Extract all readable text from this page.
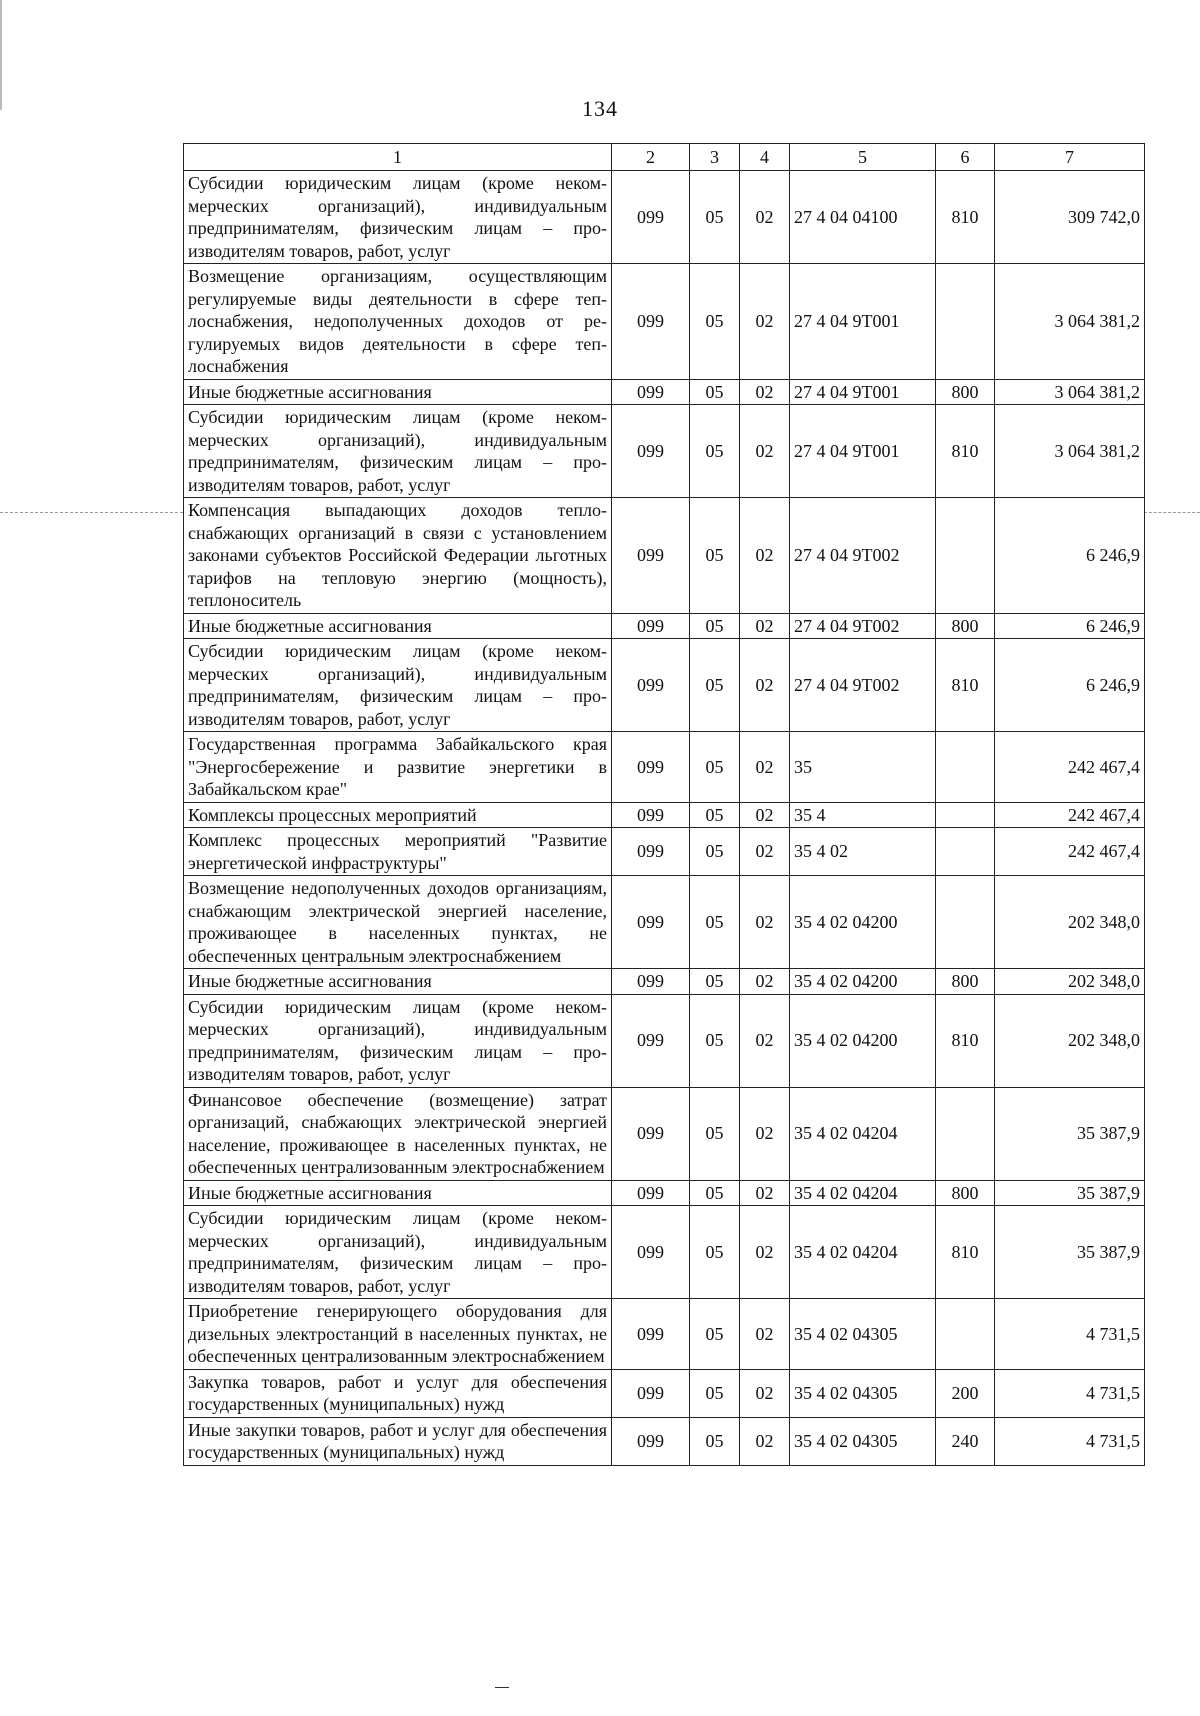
134
1	2	3	4	5	6	7
Субсидии юридическим лицам (кроме некоммерческих организаций), индивидуальным предпринимателям, физическим лицам – производителям товаров, работ, услуг	099	05	02	27 4 04 04100	810	309 742,0
Возмещение организациям, осуществляющим регулируемые виды деятельности в сфере теплоснабжения, недополученных доходов от регулируемых видов деятельности в сфере теплоснабжения	099	05	02	27 4 04 9Т001		3 064 381,2
Иные бюджетные ассигнования	099	05	02	27 4 04 9Т001	800	3 064 381,2
Субсидии юридическим лицам (кроме некоммерческих организаций), индивидуальным предпринимателям, физическим лицам – производителям товаров, работ, услуг	099	05	02	27 4 04 9Т001	810	3 064 381,2
Компенсация выпадающих доходов теплоснабжающих организаций в связи с установлением законами субъектов Российской Федерации льготных тарифов на тепловую энергию (мощность), теплоноситель	099	05	02	27 4 04 9Т002		6 246,9
Иные бюджетные ассигнования	099	05	02	27 4 04 9Т002	800	6 246,9
Субсидии юридическим лицам (кроме некоммерческих организаций), индивидуальным предпринимателям, физическим лицам – производителям товаров, работ, услуг	099	05	02	27 4 04 9Т002	810	6 246,9
Государственная программа Забайкальского края "Энергосбережение и развитие энергетики в Забайкальском крае"	099	05	02	35		242 467,4
Комплексы процессных мероприятий	099	05	02	35 4		242 467,4
Комплекс процессных мероприятий "Развитие энергетической инфраструктуры"	099	05	02	35 4 02		242 467,4
Возмещение недополученных доходов организациям, снабжающим электрической энергией население, проживающее в населенных пунктах, не обеспеченных центральным электроснабжением	099	05	02	35 4 02 04200		202 348,0
Иные бюджетные ассигнования	099	05	02	35 4 02 04200	800	202 348,0
Субсидии юридическим лицам (кроме некоммерческих организаций), индивидуальным предпринимателям, физическим лицам – производителям товаров, работ, услуг	099	05	02	35 4 02 04200	810	202 348,0
Финансовое обеспечение (возмещение) затрат организаций, снабжающих электрической энергией население, проживающее в населенных пунктах, не обеспеченных централизованным электроснабжением	099	05	02	35 4 02 04204		35 387,9
Иные бюджетные ассигнования	099	05	02	35 4 02 04204	800	35 387,9
Субсидии юридическим лицам (кроме некоммерческих организаций), индивидуальным предпринимателям, физическим лицам – производителям товаров, работ, услуг	099	05	02	35 4 02 04204	810	35 387,9
Приобретение генерирующего оборудования для дизельных электростанций в населенных пунктах, не обеспеченных централизованным электроснабжением	099	05	02	35 4 02 04305		4 731,5
Закупка товаров, работ и услуг для обеспечения государственных (муниципальных) нужд	099	05	02	35 4 02 04305	200	4 731,5
Иные закупки товаров, работ и услуг для обеспечения государственных (муниципальных) нужд	099	05	02	35 4 02 04305	240	4 731,5
